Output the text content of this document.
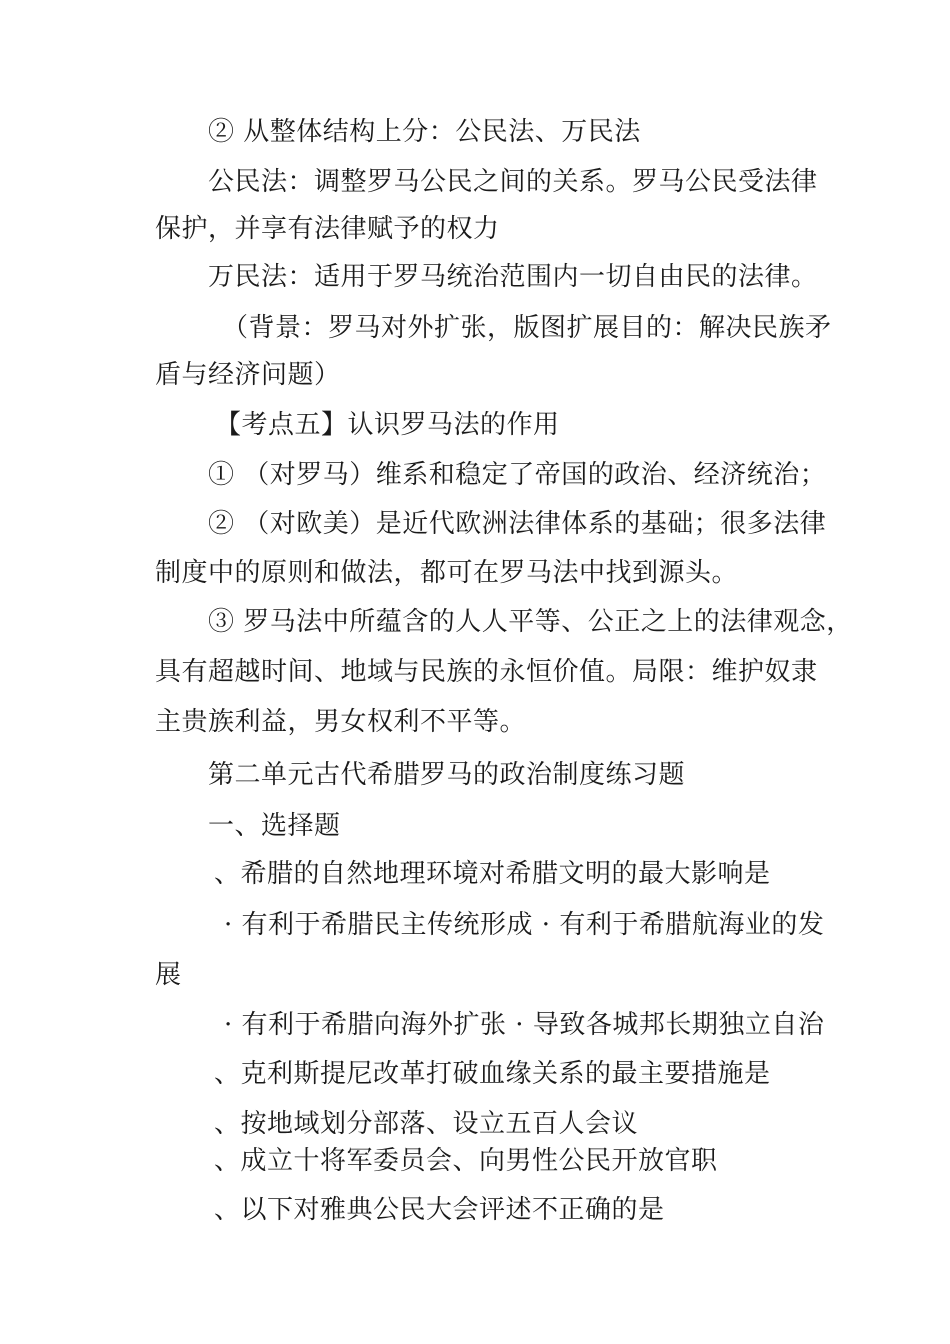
② 从整体结构上分：公民法、万民法
公民法：调整罗马公民之间的关系。罗马公民受法律
保护，并享有法律赋予的权力
万民法：适用于罗马统治范围内一切自由民的法律。
（背景：罗马对外扩张，版图扩展目的：解决民族矛
盾与经济问题）
【考点五】认识罗马法的作用
① （对罗马）维系和稳定了帝国的政治、经济统治；
② （对欧美）是近代欧洲法律体系的基础；很多法律
制度中的原则和做法，都可在罗马法中找到源头。
③ 罗马法中所蕴含的人人平等、公正之上的法律观念，
具有超越时间、地域与民族的永恒价值。局限：维护奴隶
主贵族利益，男女权利不平等。
第二单元古代希腊罗马的政治制度练习题
一、选择题
、希腊的自然地理环境对希腊文明的最大影响是
· 有利于希腊民主传统形成 · 有利于希腊航海业的发
展
· 有利于希腊向海外扩张 · 导致各城邦长期独立自治
、克利斯提尼改革打破血缘关系的最主要措施是
、按地域划分部落、设立五百人会议
、成立十将军委员会、向男性公民开放官职
、以下对雅典公民大会评述不正确的是
